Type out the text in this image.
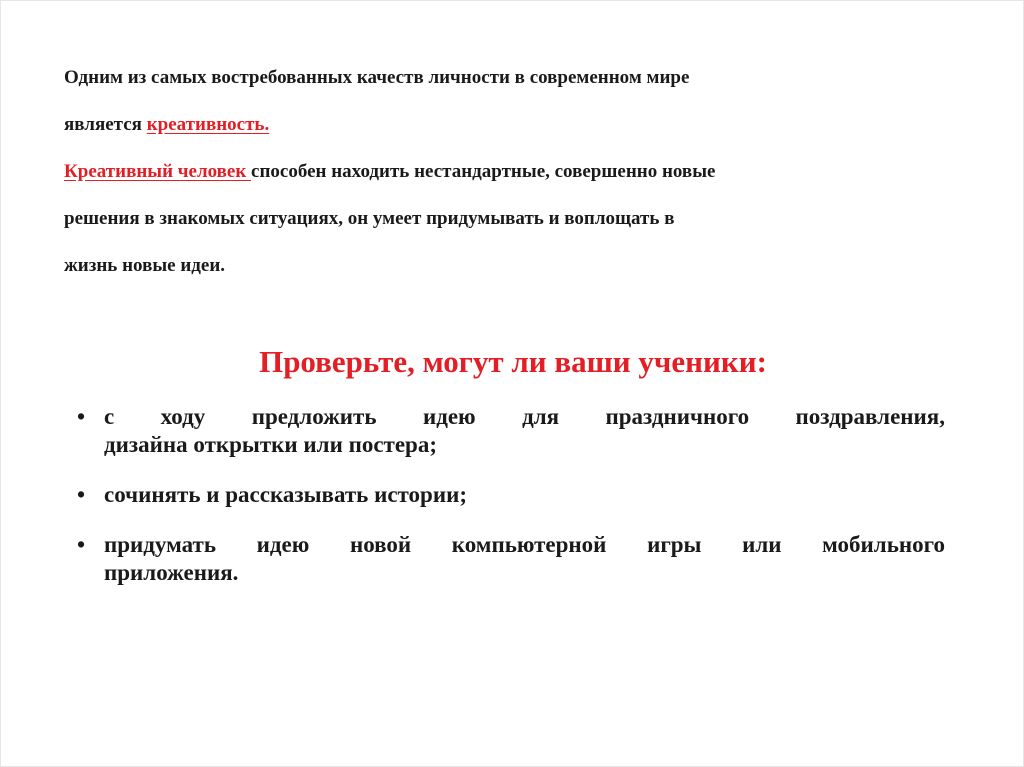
Одним из самых востребованных качеств личности в современном мире
является креативность.
Креативный человек способен находить нестандартные, совершенно новые
решения в знакомых ситуациях, он умеет придумывать и воплощать в
жизнь новые идеи.
Проверьте, могут ли ваши ученики:
• с ходу предложить идею для праздничного поздравления,
дизайна открытки или постера;
• сочинять и рассказывать истории;
• придумать идею новой компьютерной игры или мобильного
приложения.
